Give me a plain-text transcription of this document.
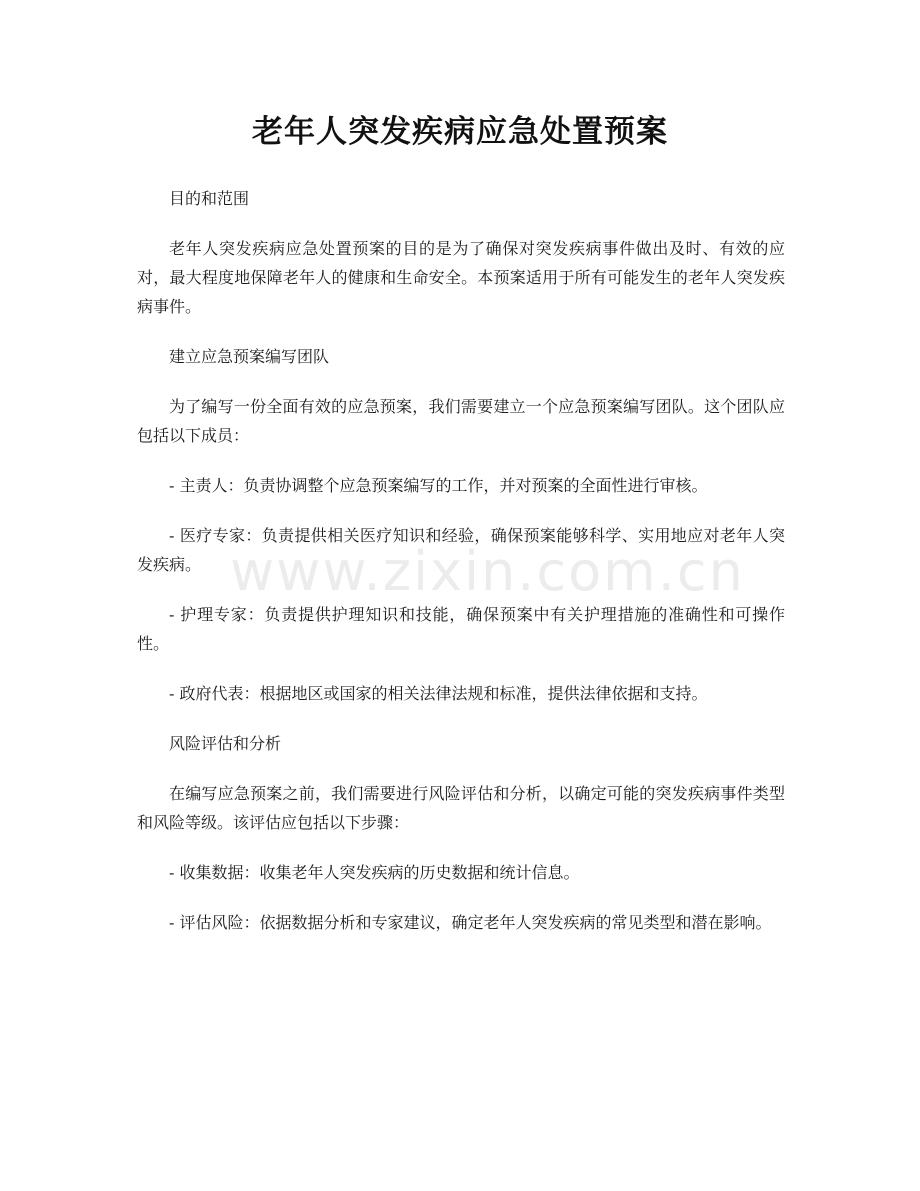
老年人突发疾病应急处置预案

目的和范围

老年人突发疾病应急处置预案的目的是为了确保对突发疾病事件做出及时、有效的应对，最大程度地保障老年人的健康和生命安全。本预案适用于所有可能发生的老年人突发疾病事件。

建立应急预案编写团队

为了编写一份全面有效的应急预案，我们需要建立一个应急预案编写团队。这个团队应包括以下成员：

- 主责人：负责协调整个应急预案编写的工作，并对预案的全面性进行审核。

- 医疗专家：负责提供相关医疗知识和经验，确保预案能够科学、实用地应对老年人突发疾病。

- 护理专家：负责提供护理知识和技能，确保预案中有关护理措施的准确性和可操作性。

- 政府代表：根据地区或国家的相关法律法规和标准，提供法律依据和支持。

风险评估和分析

在编写应急预案之前，我们需要进行风险评估和分析，以确定可能的突发疾病事件类型和风险等级。该评估应包括以下步骤：

- 收集数据：收集老年人突发疾病的历史数据和统计信息。

- 评估风险：依据数据分析和专家建议，确定老年人突发疾病的常见类型和潜在影响。

www.zixin.com.cn
